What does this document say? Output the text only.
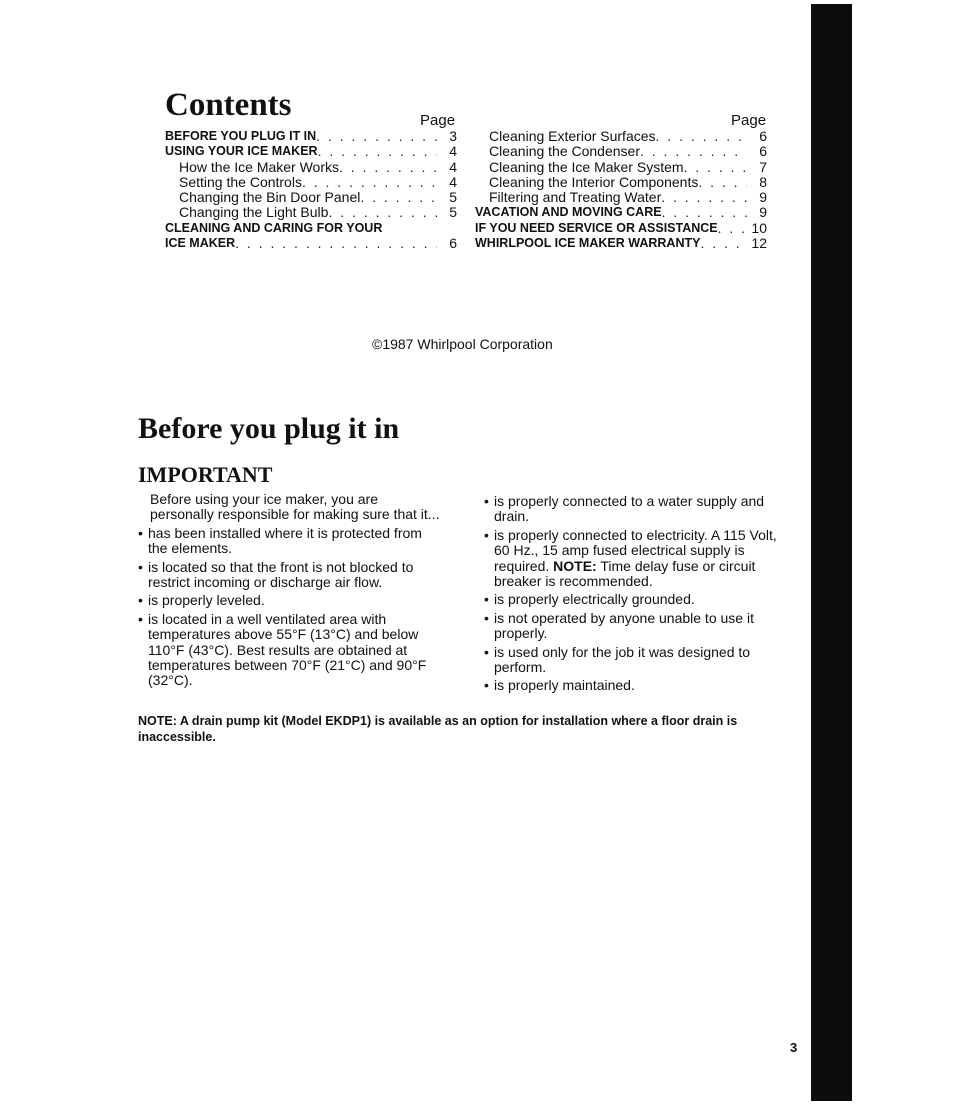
BEFORE USING • PARTS AND FEATURES
Contents	Page	Page
BEFORE YOU PLUG IT IN . . .	3
USING YOUR ICE MAKER . . .	4
How the Ice Maker Works . . .	4
Setting the Controls . . .	4
Changing the Bin Door Panel . . .	5
Changing the Light Bulb . . .	5
CLEANING AND CARING FOR YOUR
ICE MAKER . . .	6
Cleaning Exterior Surfaces . . .	6
Cleaning the Condenser . . .	6
Cleaning the Ice Maker System . . .	7
Cleaning the Interior Components . . .	8
Filtering and Treating Water . . .	9
VACATION AND MOVING CARE . . .	9
IF YOU NEED SERVICE OR ASSISTANCE . . .	10
WHIRLPOOL ICE MAKER WARRANTY . . .	12
©1987 Whirlpool Corporation
Before you plug it in
IMPORTANT

Before using your ice maker, you are personally responsible for making sure that it...

• has been installed where it is protected from the elements.
• is located so that the front is not blocked to restrict incoming or discharge air flow.
• is properly leveled.
• is located in a well ventilated area with temperatures above 55°F (13°C) and below 110°F (43°C). Best results are obtained at temperatures between 70°F (21°C) and 90°F (32°C).
• is properly connected to a water supply and drain.
• is properly connected to electricity. A 115 Volt, 60 Hz., 15 amp fused electrical supply is required. NOTE: Time delay fuse or circuit breaker is recommended.
• is properly electrically grounded.
• is not operated by anyone unable to use it properly.
• is used only for the job it was designed to perform.
• is properly maintained.

NOTE: A drain pump kit (Model EKDP1) is available as an option for installation where a floor drain is inaccessible.

3
